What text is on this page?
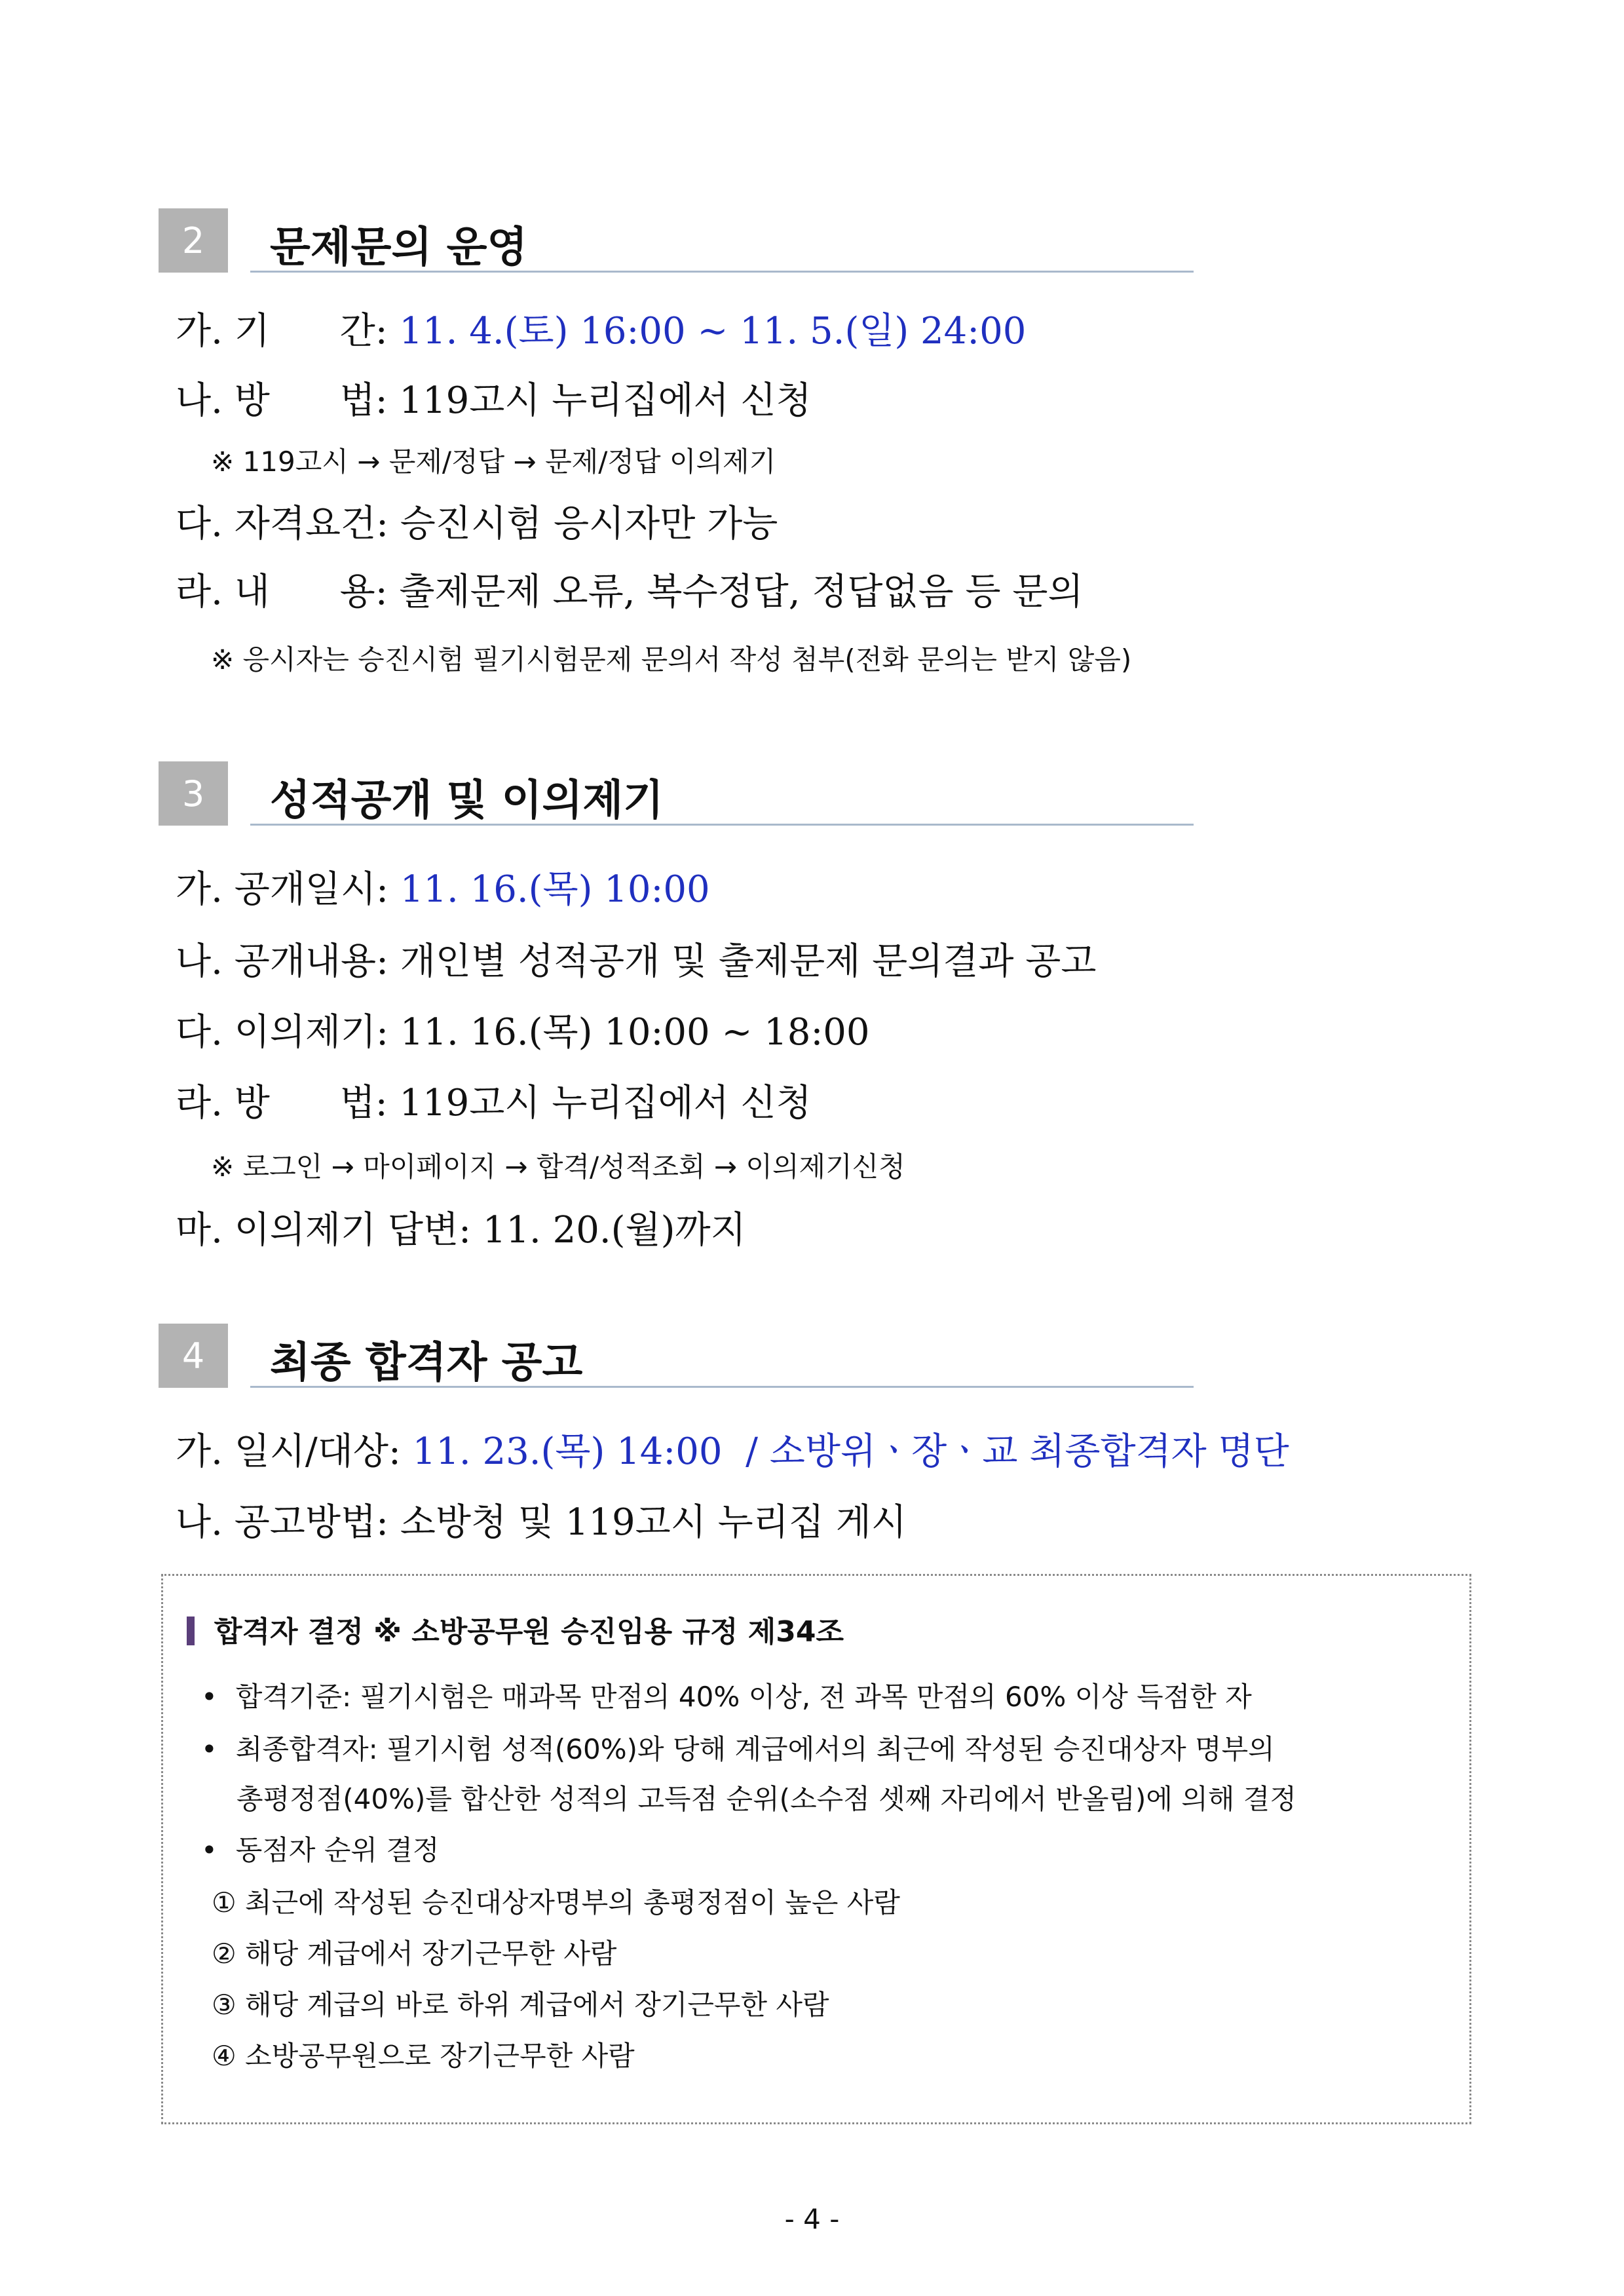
2	문제문의 운영
가. 기      간: 11. 4.(토) 16:00 ~ 11. 5.(일) 24:00
나. 방      법: 119고시 누리집에서 신청
※ 119고시 → 문제/정답 → 문제/정답 이의제기
다. 자격요건: 승진시험 응시자만 가능
라. 내      용: 출제문제 오류, 복수정답, 정답없음 등 문의
※ 응시자는 승진시험 필기시험문제 문의서 작성 첨부(전화 문의는 받지 않음)
3	성적공개 및 이의제기
가. 공개일시: 11. 16.(목) 10:00
나. 공개내용: 개인별 성적공개 및 출제문제 문의결과 공고
다. 이의제기: 11. 16.(목) 10:00 ~ 18:00
라. 방      법: 119고시 누리집에서 신청
※ 로그인 → 마이페이지 → 합격/성적조회 → 이의제기신청
마. 이의제기 답변: 11. 20.(월)까지
4	최종 합격자 공고
가. 일시/대상: 11. 23.(목) 14:00  / 소방위ㆍ장ㆍ교 최종합격자 명단
나. 공고방법: 소방청 및 119고시 누리집 게시
합격자 결정 ※ 소방공무원 승진임용 규정 제34조
• 합격기준: 필기시험은 매과목 만점의 40% 이상, 전 과목 만점의 60% 이상 득점한 자
• 최종합격자: 필기시험 성적(60%)와 당해 계급에서의 최근에 작성된 승진대상자 명부의
총평정점(40%)를 합산한 성적의 고득점 순위(소수점 셋째 자리에서 반올림)에 의해 결정
• 동점자 순위 결정
① 최근에 작성된 승진대상자명부의 총평정점이 높은 사람
② 해당 계급에서 장기근무한 사람
③ 해당 계급의 바로 하위 계급에서 장기근무한 사람
④ 소방공무원으로 장기근무한 사람
- 4 -
